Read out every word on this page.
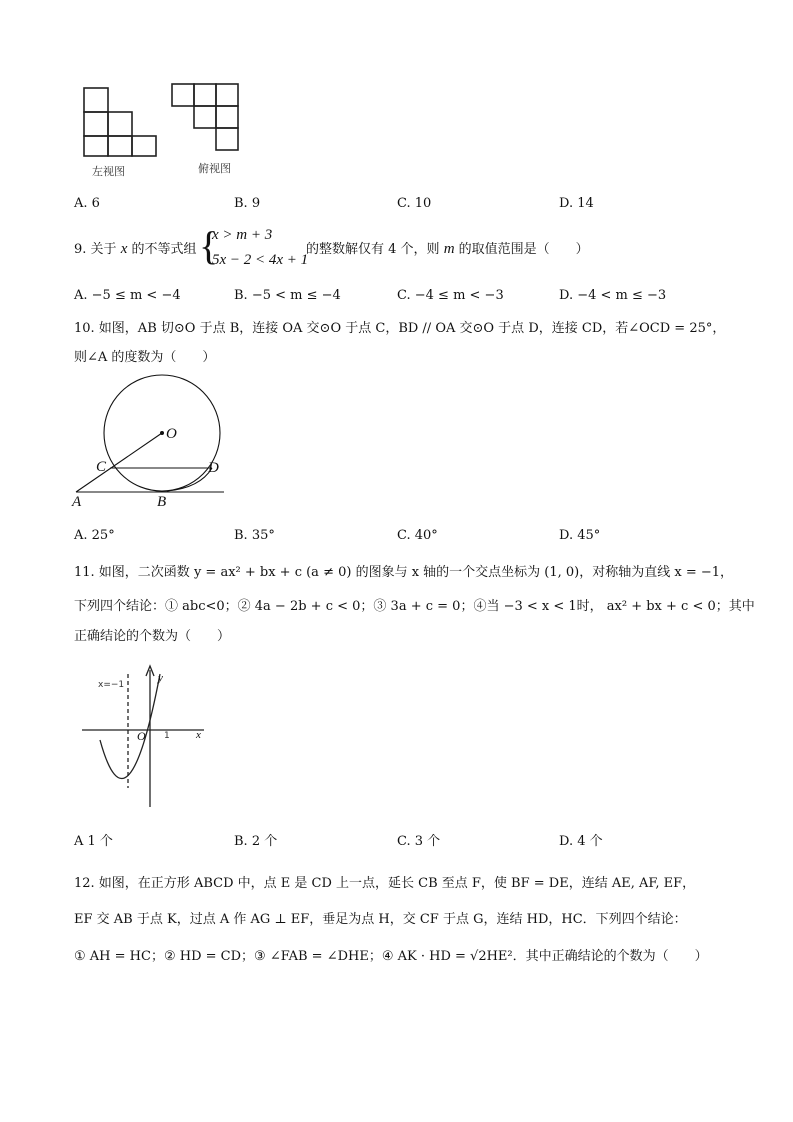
左视图	俯视图
A. 6	B. 9	C. 10	D. 14
9. 关于 x 的不等式组 {
x > m + 3
5x − 2 < 4x + 1
的整数解仅有 4 个，则 m 的取值范围是（　　）
A. −5 ≤ m < −4	B. −5 < m ≤ −4	C. −4 ≤ m < −3	D. −4 < m ≤ −3
10. 如图，AB 切⊙O 于点 B，连接 OA 交⊙O 于点 C，BD // OA 交⊙O 于点 D，连接 CD，若∠OCD = 25°，
则∠A 的度数为（　　）
O
C	D
A	B
A. 25°	B. 35°	C. 40°	D. 45°
11. 如图，二次函数 y = ax² + bx + c (a ≠ 0) 的图象与 x 轴的一个交点坐标为 (1, 0)，对称轴为直线 x = −1，
下列四个结论：① abc<0；② 4a − 2b + c < 0；③ 3a + c = 0；④当 −3 < x < 1时， ax² + bx + c < 0；其中
正确结论的个数为（　　）
x=−1
y
O 1 x
A 1 个	B. 2 个	C. 3 个	D. 4 个
12. 如图，在正方形 ABCD 中，点 E 是 CD 上一点，延长 CB 至点 F，使 BF = DE，连结 AE, AF, EF，
EF 交 AB 于点 K，过点 A 作 AG ⊥ EF，垂足为点 H，交 CF 于点 G，连结 HD，HC．下列四个结论：
① AH = HC；② HD = CD；③ ∠FAB = ∠DHE；④ AK · HD = √2HE²．其中正确结论的个数为（　　）
